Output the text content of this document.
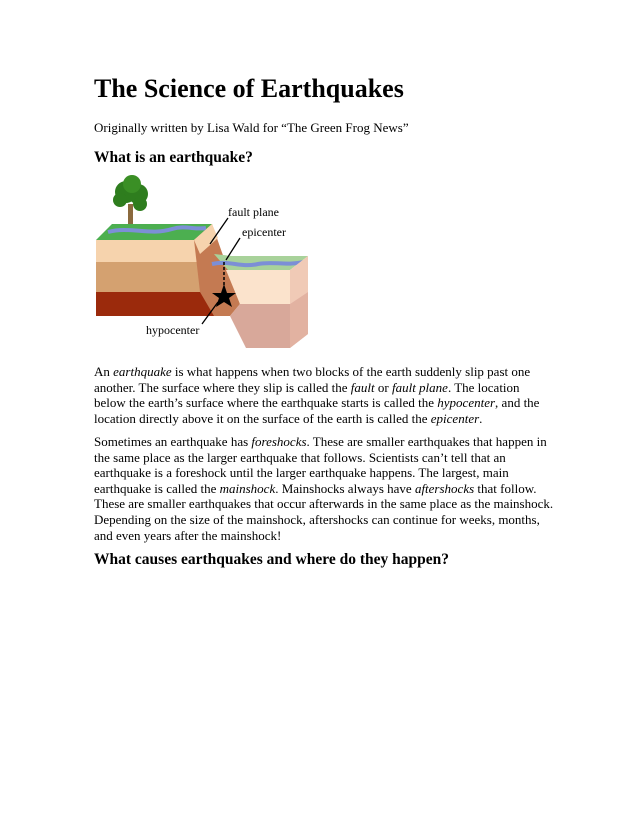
The Science of Earthquakes

Originally written by Lisa Wald for “The Green Frog News”

What is an earthquake?
fault plane
epicenter
hypocenter

An earthquake is what happens when two blocks of the earth suddenly slip past one another. The surface where they slip is called the fault or fault plane. The location below the earth’s surface where the earthquake starts is called the hypocenter, and the location directly above it on the surface of the earth is called the epicenter.

Sometimes an earthquake has foreshocks. These are smaller earthquakes that happen in the same place as the larger earthquake that follows. Scientists can’t tell that an earthquake is a foreshock until the larger earthquake happens. The largest, main earthquake is called the mainshock. Mainshocks always have aftershocks that follow. These are smaller earthquakes that occur afterwards in the same place as the mainshock. Depending on the size of the mainshock, aftershocks can continue for weeks, months, and even years after the mainshock!

What causes earthquakes and where do they happen?
